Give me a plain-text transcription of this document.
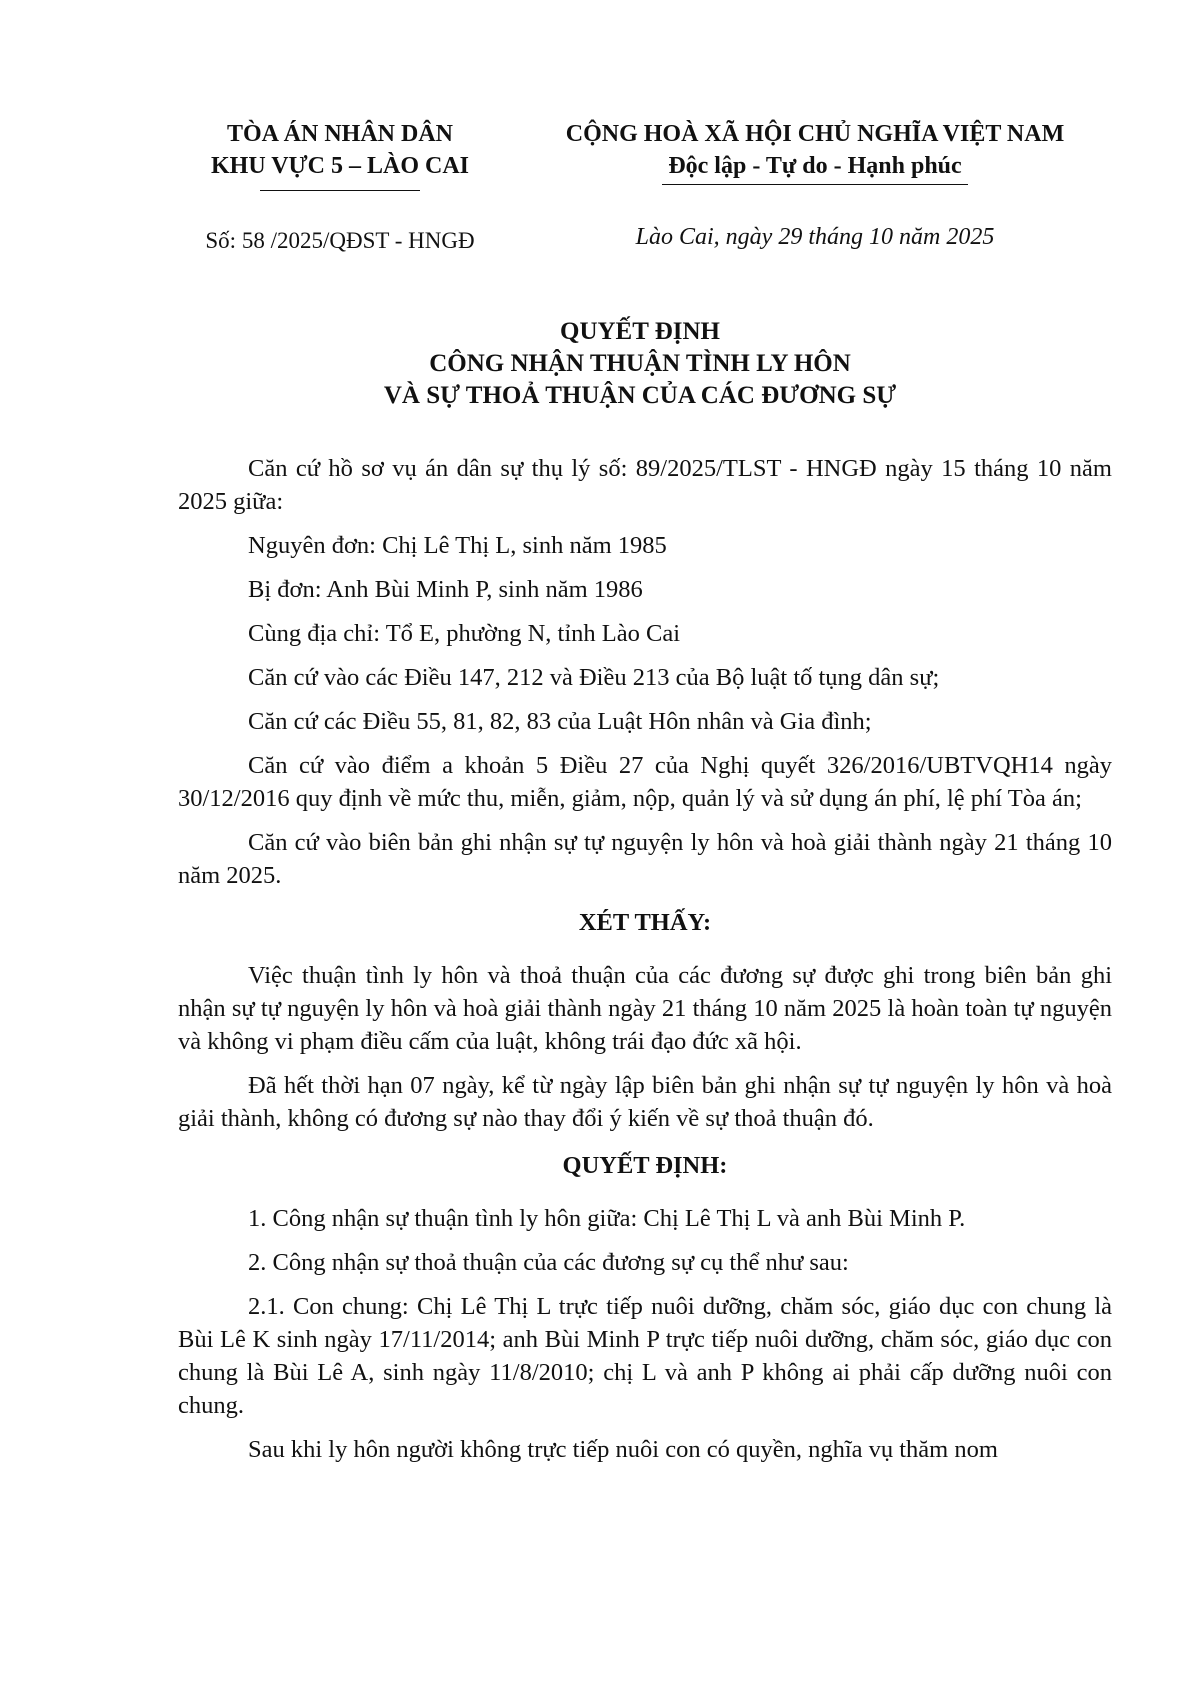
TÒA ÁN NHÂN DÂN
KHU VỰC 5 – LÀO CAI
CỘNG HOÀ XÃ HỘI CHỦ NGHĨA VIỆT NAM
Độc lập - Tự do - Hạnh phúc
Số: 58 /2025/QĐST - HNGĐ	Lào Cai, ngày 29 tháng 10 năm 2025
QUYẾT ĐỊNH
CÔNG NHẬN THUẬN TÌNH LY HÔN
VÀ SỰ THOẢ THUẬN CỦA CÁC ĐƯƠNG SỰ

Căn cứ hồ sơ vụ án dân sự thụ lý số: 89/2025/TLST - HNGĐ ngày 15 tháng 10 năm 2025 giữa:

Nguyên đơn: Chị Lê Thị L, sinh năm 1985

Bị đơn: Anh Bùi Minh P, sinh năm 1986

Cùng địa chỉ: Tổ E, phường N, tỉnh Lào Cai

Căn cứ vào các Điều 147, 212 và Điều 213 của Bộ luật tố tụng dân sự;

Căn cứ các Điều 55, 81, 82, 83 của Luật Hôn nhân và Gia đình;

Căn cứ vào điểm a khoản 5 Điều 27 của Nghị quyết 326/2016/UBTVQH14 ngày 30/12/2016 quy định về mức thu, miễn, giảm, nộp, quản lý và sử dụng án phí, lệ phí Tòa án;

Căn cứ vào biên bản ghi nhận sự tự nguyện ly hôn và hoà giải thành ngày 21 tháng 10 năm 2025.

XÉT THẤY:

Việc thuận tình ly hôn và thoả thuận của các đương sự được ghi trong biên bản ghi nhận sự tự nguyện ly hôn và hoà giải thành ngày 21 tháng 10 năm 2025 là hoàn toàn tự nguyện và không vi phạm điều cấm của luật, không trái đạo đức xã hội.

Đã hết thời hạn 07 ngày, kể từ ngày lập biên bản ghi nhận sự tự nguyện ly hôn và hoà giải thành, không có đương sự nào thay đổi ý kiến về sự thoả thuận đó.

QUYẾT ĐỊNH:

1. Công nhận sự thuận tình ly hôn giữa: Chị Lê Thị L và anh Bùi Minh P.

2. Công nhận sự thoả thuận của các đương sự cụ thể như sau:

2.1. Con chung: Chị Lê Thị L trực tiếp nuôi dưỡng, chăm sóc, giáo dục con chung là Bùi Lê K sinh ngày 17/11/2014; anh Bùi Minh P trực tiếp nuôi dưỡng, chăm sóc, giáo dục con chung là Bùi Lê A, sinh ngày 11/8/2010; chị L và anh P không ai phải cấp dưỡng nuôi con chung.

Sau khi ly hôn người không trực tiếp nuôi con có quyền, nghĩa vụ thăm nom
